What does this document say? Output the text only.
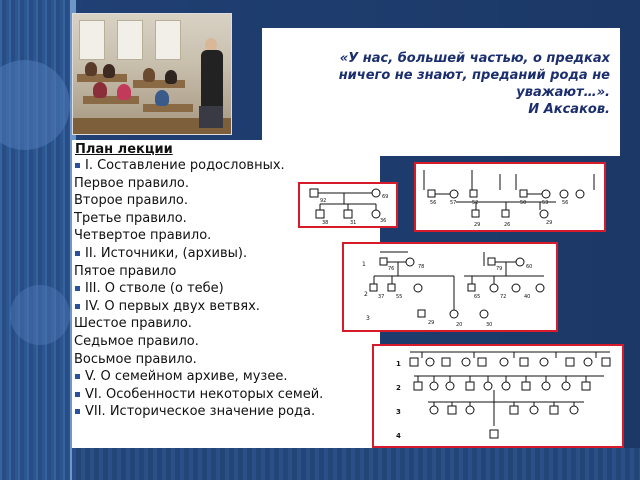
«У нас, большей частью, о предках
ничего не знают, преданий рода не
уважают…».
И Аксаков.
План лекции
I. Составление родословных.
Первое правило.
Второе правило.
Третье правило.
Четвертое правило.
II. Источники, (архивы).
Пятое правило
III. О стволе (о тебе)
IV. О первых двух ветвях.
Шестое правило.
Седьмое правило.
Восьмое правило.
V. О семейном архиве, музее.
VI. Особенности некоторых семей.
VII. Историческое значение рода.
92
69
38	31	36
56	57	52	50	53	56
29	26	29
1
2
3
76	78	79	60
37 55	65	72	40
29	20	30
1
2
3
4
